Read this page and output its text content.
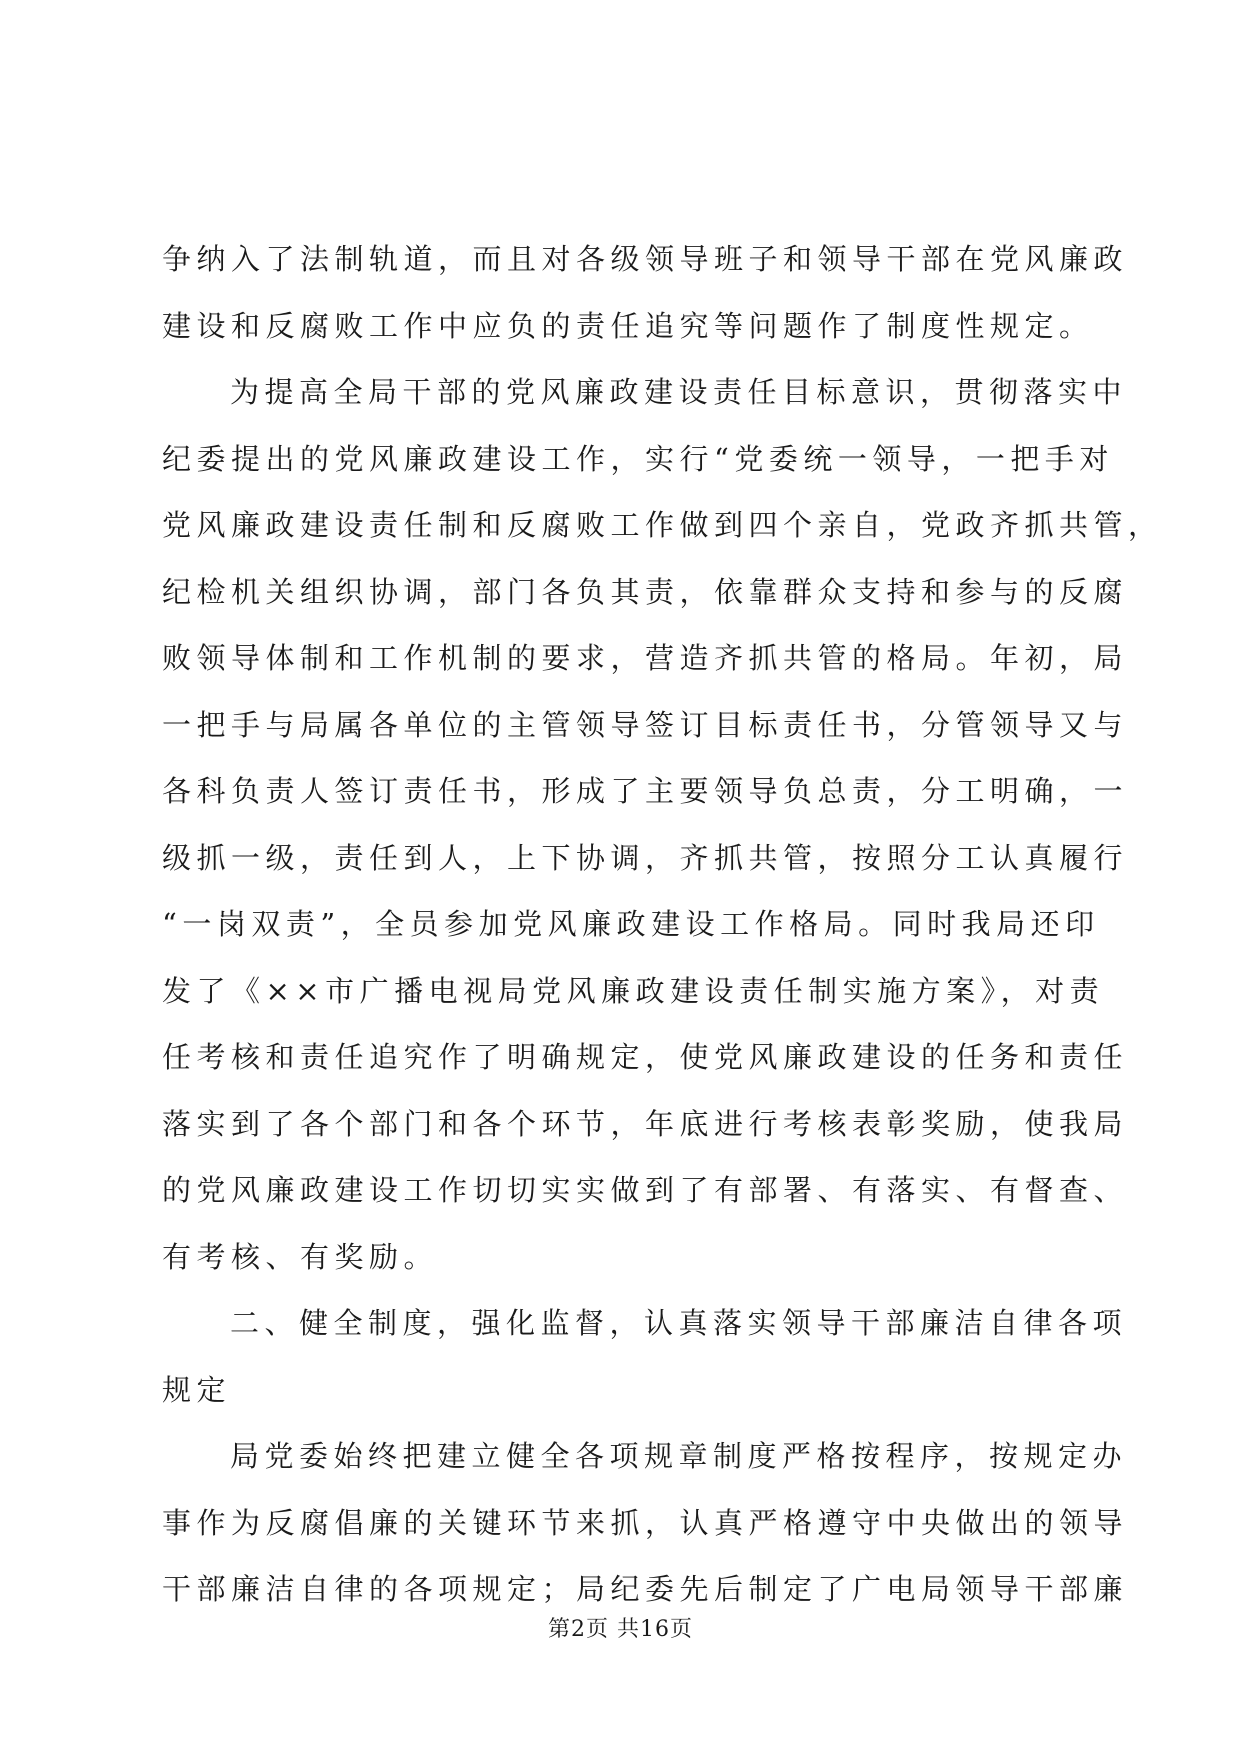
争纳入了法制轨道，而且对各级领导班子和领导干部在党风廉政
建设和反腐败工作中应负的责任追究等问题作了制度性规定。
为提高全局干部的党风廉政建设责任目标意识，贯彻落实中
纪委提出的党风廉政建设工作，实行“党委统一领导，一把手对
党风廉政建设责任制和反腐败工作做到四个亲自，党政齐抓共管，
纪检机关组织协调，部门各负其责，依靠群众支持和参与的反腐
败领导体制和工作机制的要求，营造齐抓共管的格局。年初，局
一把手与局属各单位的主管领导签订目标责任书，分管领导又与
各科负责人签订责任书，形成了主要领导负总责，分工明确，一
级抓一级，责任到人，上下协调，齐抓共管，按照分工认真履行
“一岗双责”，全员参加党风廉政建设工作格局。同时我局还印
发了《××市广播电视局党风廉政建设责任制实施方案》，对责
任考核和责任追究作了明确规定，使党风廉政建设的任务和责任
落实到了各个部门和各个环节，年底进行考核表彰奖励，使我局
的党风廉政建设工作切切实实做到了有部署、有落实、有督查、
有考核、有奖励。
二、健全制度，强化监督，认真落实领导干部廉洁自律各项
规定
局党委始终把建立健全各项规章制度严格按程序，按规定办
事作为反腐倡廉的关键环节来抓，认真严格遵守中央做出的领导
干部廉洁自律的各项规定；局纪委先后制定了广电局领导干部廉
第2页 共16页
